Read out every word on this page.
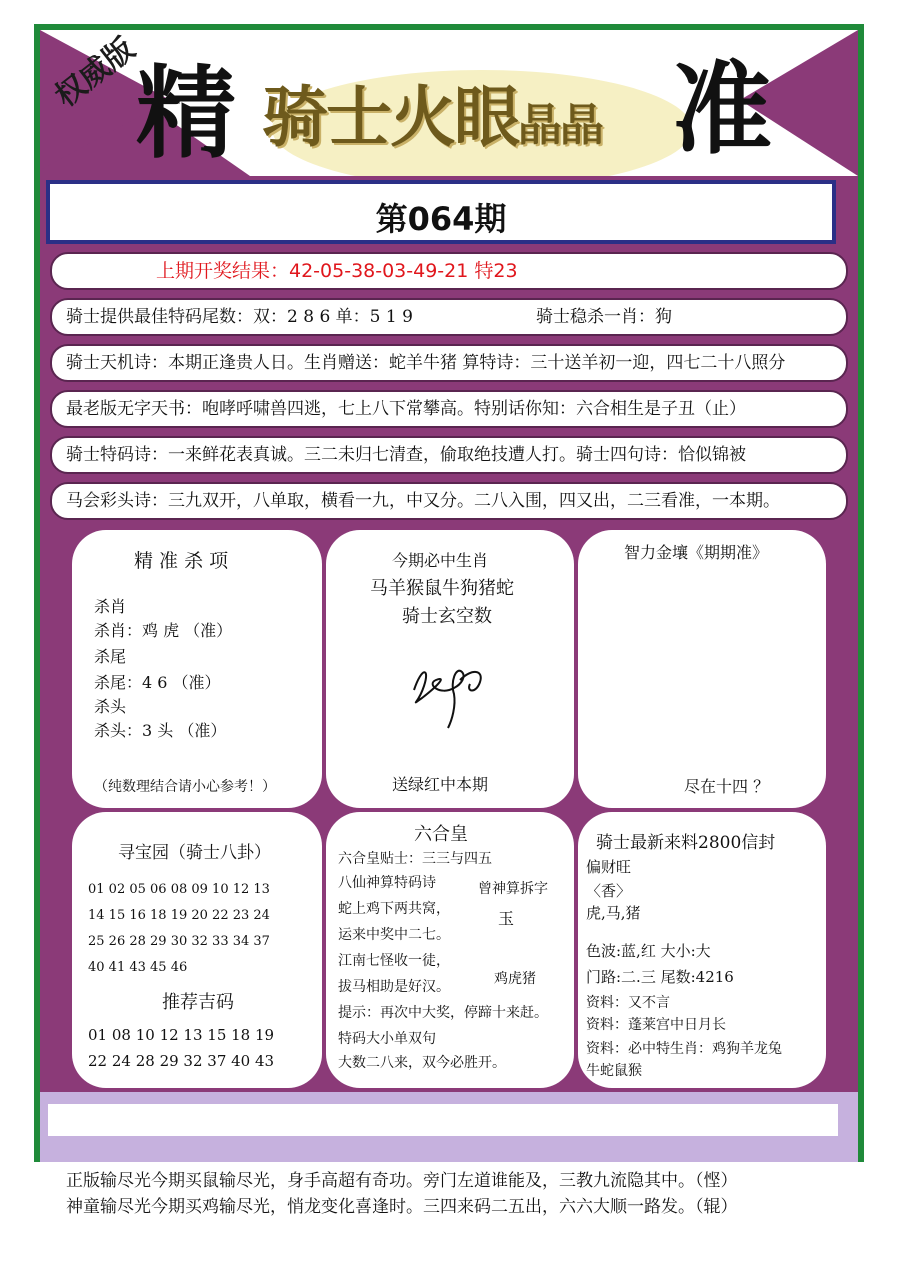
权威版
精 骑士火眼晶晶 准
第064期
上期开奖结果：42-05-38-03-49-21 特23
骑士提供最佳特码尾数：双：2 8 6 单：5 1 9	骑士稳杀一肖：狗
骑士天机诗：本期正逢贵人日。生肖赠送：蛇羊牛猪 算特诗：三十送羊初一迎，四七二十八照分
最老版无字天书：咆哮呼啸兽四逃，七上八下常攀高。特别话你知：六合相生是子丑（止）
骑士特码诗：一来鲜花表真诚。三二未归七清查，偷取绝技遭人打。骑士四句诗：恰似锦被
马会彩头诗：三九双开，八单取，横看一九，中又分。二八入围，四又出，二三看准，一本期。
精 准 杀 项
杀肖
杀肖：鸡 虎 （准）
杀尾
杀尾：4 6 （准）
杀头
杀头：3 头 （准）
（纯数理结合请小心参考！）
今期必中生肖
马羊猴鼠牛狗猪蛇
骑士玄空数
送绿红中本期
智力金壤《期期准》
尽在十四 ？
寻宝园（骑士八卦）
01 02 05 06 08 09 10 12 13
14 15 16 18 19 20 22 23 24
25 26 28 29 30 32 33 34 37
40 41 43 45 46
推荐吉码
01 08 10 12 13 15 18 19
22 24 28 29 32 37 40 43
六合皇
六合皇贴士：三三与四五
八仙神算特码诗
蛇上鸡下两共窝，
运来中奖中二七。
江南七怪收一徒，
拔马相助是好汉。
提示：再次中大奖，停蹄十来赶。
特码大小单双句
大数二八来，双今必胜开。
曾神算拆字
玉
鸡虎猪
骑士最新来料2800信封
偏财旺
〈香〉
虎,马,猪
色波:蓝,红 大小:大
门路:二.三 尾数:4216
资料：又不言
资料：蓬莱宫中日月长
资料：必中特生肖：鸡狗羊龙兔
牛蛇鼠猴
正版输尽光今期买鼠输尽光，身手高超有奇功。旁门左道谁能及，三教九流隐其中。（悭）
神童输尽光今期买鸡输尽光，悄龙变化喜逢时。三四来码二五出，六六大顺一路发。（辊）
